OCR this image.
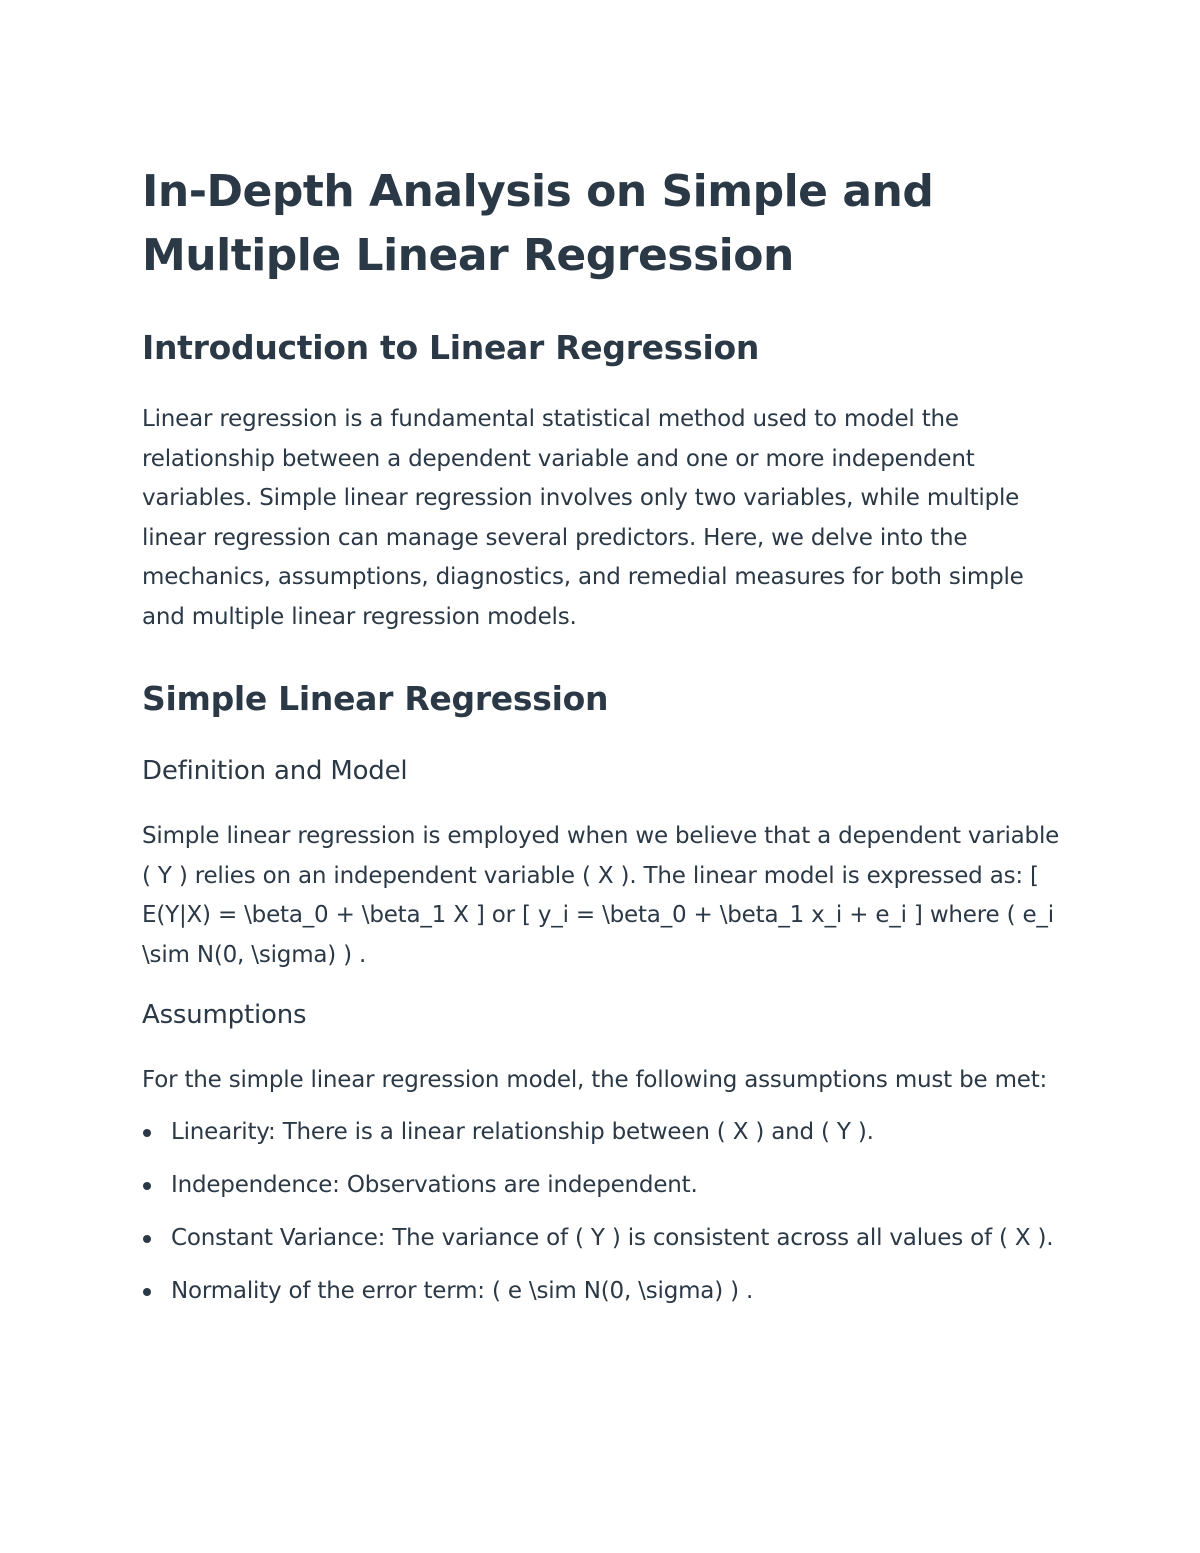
In-Depth Analysis on Simple and Multiple Linear Regression
Introduction to Linear Regression

Linear regression is a fundamental statistical method used to model the relationship between a dependent variable and one or more independent variables. Simple linear regression involves only two variables, while multiple linear regression can manage several predictors. Here, we delve into the mechanics, assumptions, diagnostics, and remedial measures for both simple and multiple linear regression models.

Simple Linear Regression
Definition and Model

Simple linear regression is employed when we believe that a dependent variable ( Y ) relies on an independent variable ( X ). The linear model is expressed as: [ E(Y|X) = \beta_0 + \beta_1 X ] or [ y_i = \beta_0 + \beta_1 x_i + e_i ] where ( e_i \sim N(0, \sigma) ) .

Assumptions

For the simple linear regression model, the following assumptions must be met:

Linearity: There is a linear relationship between ( X ) and ( Y ).
Independence: Observations are independent.
Constant Variance: The variance of ( Y ) is consistent across all values of ( X ).
Normality of the error term: ( e \sim N(0, \sigma) ) .
